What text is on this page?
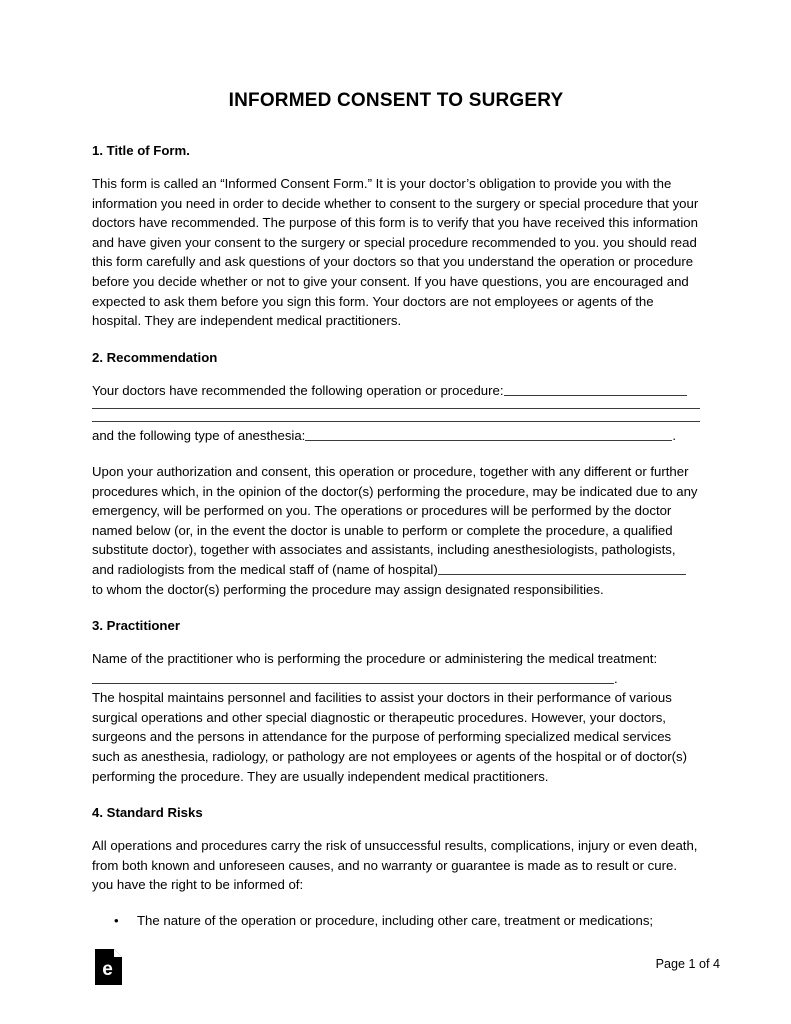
INFORMED CONSENT TO SURGERY
1. Title of Form.

This form is called an “Informed Consent Form.” It is your doctor’s obligation to provide you with the information you need in order to decide whether to consent to the surgery or special procedure that your doctors have recommended. The purpose of this form is to verify that you have received this information and have given your consent to the surgery or special procedure recommended to you. you should read this form carefully and ask questions of your doctors so that you understand the operation or procedure before you decide whether or not to give your consent. If you have questions, you are encouraged and expected to ask them before you sign this form. Your doctors are not employees or agents of the hospital. They are independent medical practitioners.

2. Recommendation

Your doctors have recommended the following operation or procedure:

and the following type of anesthesia:	.

Upon your authorization and consent, this operation or procedure, together with any different or further procedures which, in the opinion of the doctor(s) performing the procedure, may be indicated due to any emergency, will be performed on you. The operations or procedures will be performed by the doctor named below (or, in the event the doctor is unable to perform or complete the procedure, a qualified substitute doctor), together with associates and assistants, including anesthesiologists, pathologists, and radiologists from the medical staff of (name of hospital) to whom the doctor(s) performing the procedure may assign designated responsibilities.

3. Practitioner

Name of the practitioner who is performing the procedure or administering the medical treatment:.

The hospital maintains personnel and facilities to assist your doctors in their performance of various surgical operations and other special diagnostic or therapeutic procedures. However, your doctors, surgeons and the persons in attendance for the purpose of performing specialized medical services such as anesthesia, radiology, or pathology are not employees or agents of the hospital or of doctor(s) performing the procedure. They are usually independent medical practitioners.

4. Standard Risks

All operations and procedures carry the risk of unsuccessful results, complications, injury or even death, from both known and unforeseen causes, and no warranty or guarantee is made as to result or cure. you have the right to be informed of:

• The nature of the operation or procedure, including other care, treatment or medications;
e	Page 1 of 4
